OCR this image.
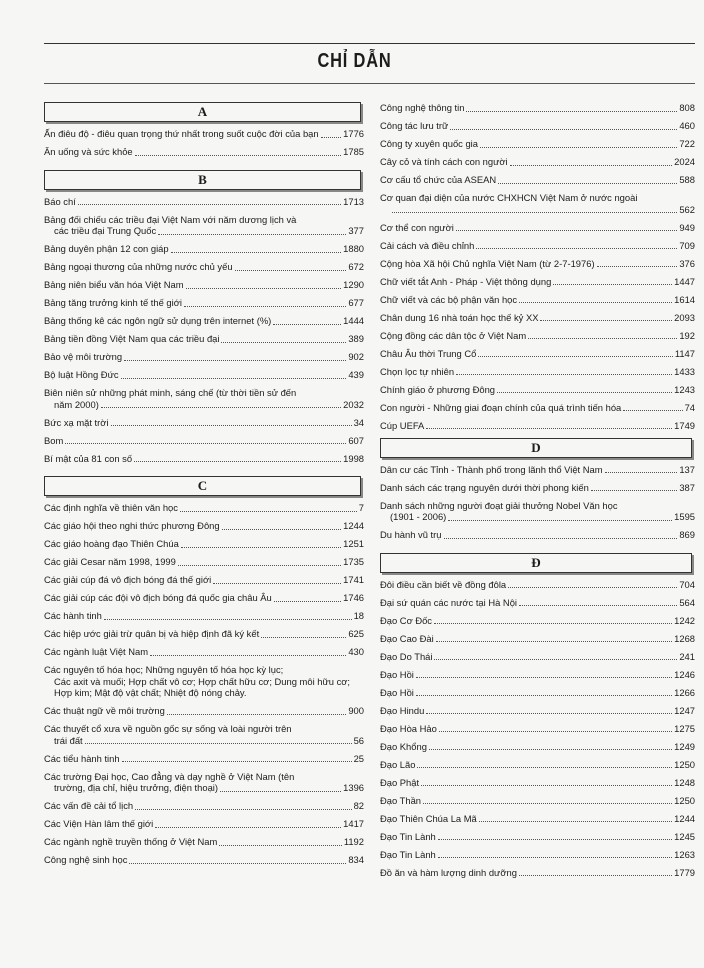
CHỈ DẪN
A
Ấn điêu độ - điêu quan trọng thứ nhất trong suốt cuộc đời của bạn	1776
Ăn uống và sức khỏe	1785
B
Báo chí	1713
Bảng đối chiếu các triều đại Việt Nam với năm dương lịch và
các triều đại Trung Quốc	377
Bảng duyên phận 12 con giáp	1880
Bảng ngoại thương của những nước chủ yếu	672
Bảng niên biểu văn hóa Việt Nam	1290
Bảng tăng trưởng kinh tế thế giới	677
Bảng thống kê các ngôn ngữ sử dụng trên internet (%)	1444
Bảng tiền đồng Việt Nam qua các triều đại	389
Bảo vệ môi trường	902
Bộ luật Hồng Đức	439
Biên niên sử những phát minh, sáng chế (từ thời tiền sử đến
năm 2000)	2032
Bức xạ mặt trời	34
Bom	607
Bí mật của 81 con số	1998
C
Các định nghĩa về thiên văn học	7
Các giáo hội theo nghi thức phương Đông	1244
Các giáo hoàng đạo Thiên Chúa	1251
Các giải Cesar năm 1998, 1999	1735
Các giải cúp đá vô địch bóng đá thế giới	1741
Các giải cúp các đội vô địch bóng đá quốc gia châu Âu	1746
Các hành tinh	18
Các hiệp ước giải trừ quân bị và hiệp định đã ký kết	625
Các ngành luật Việt Nam	430
Các nguyên tố hóa học; Những nguyên tố hóa học kỳ lục;
Các axit và muối; Hợp chất vô cơ; Hợp chất hữu cơ; Dung môi hữu cơ; Hợp kim; Mật độ vật chất; Nhiệt độ nóng chảy.
Các thuật ngữ về môi trường	900
Các thuyết cổ xưa về nguồn gốc sự sống và loài người trên
trái đất	56
Các tiểu hành tinh	25
Các trường Đại học, Cao đẳng và dạy nghề ở Việt Nam (tên
trường, địa chỉ, hiệu trưởng, điện thoại)	1396
Các vấn đề cải tổ lịch	82
Các Viện Hàn lâm thế giới	1417
Các ngành nghề truyền thống ở Việt Nam	1192
Công nghệ sinh học	834
Công nghệ thông tin	808
Công tác lưu trữ	460
Công ty xuyên quốc gia	722
Cây cỏ và tính cách con người	2024
Cơ cấu tổ chức của ASEAN	588
Cơ quan đại diện của nước CHXHCN Việt Nam ở nước ngoài
562
Cơ thể con người	949
Cải cách và điều chỉnh	709
Cộng hòa Xã hội Chủ nghĩa Việt Nam (từ 2-7-1976)	376
Chữ viết tắt Anh - Pháp - Việt thông dụng	1447
Chữ viết và các bộ phận văn học	1614
Chân dung 16 nhà toán học thế kỷ XX	2093
Cộng đồng các dân tộc ở Việt Nam	192
Châu Âu thời Trung Cổ	1147
Chọn lọc tự nhiên	1433
Chính giáo ở phương Đông	1243
Con người - Những giai đoạn chính của quá trình tiến hóa	74
Cúp UEFA	1749
D
Dân cư các Tỉnh - Thành phố trong lãnh thổ Việt Nam	137
Danh sách các trạng nguyên dưới thời phong kiến	387
Danh sách những người đoạt giải thưởng Nobel Văn học
(1901 - 2006)	1595
Du hành vũ trụ	869
Đ
Đôi điều cần biết về đồng đôla	704
Đại sứ quán các nước tại Hà Nội	564
Đạo Cơ Đốc	1242
Đạo Cao Đài	1268
Đạo Do Thái	241
Đạo Hồi	1246
Đạo Hồi	1266
Đạo Hindu	1247
Đạo Hòa Hảo	1275
Đạo Khổng	1249
Đạo Lão	1250
Đạo Phật	1248
Đạo Thần	1250
Đạo Thiên Chúa La Mã	1244
Đạo Tin Lành	1245
Đạo Tin Lành	1263
Đồ ăn và hàm lượng dinh dưỡng	1779
